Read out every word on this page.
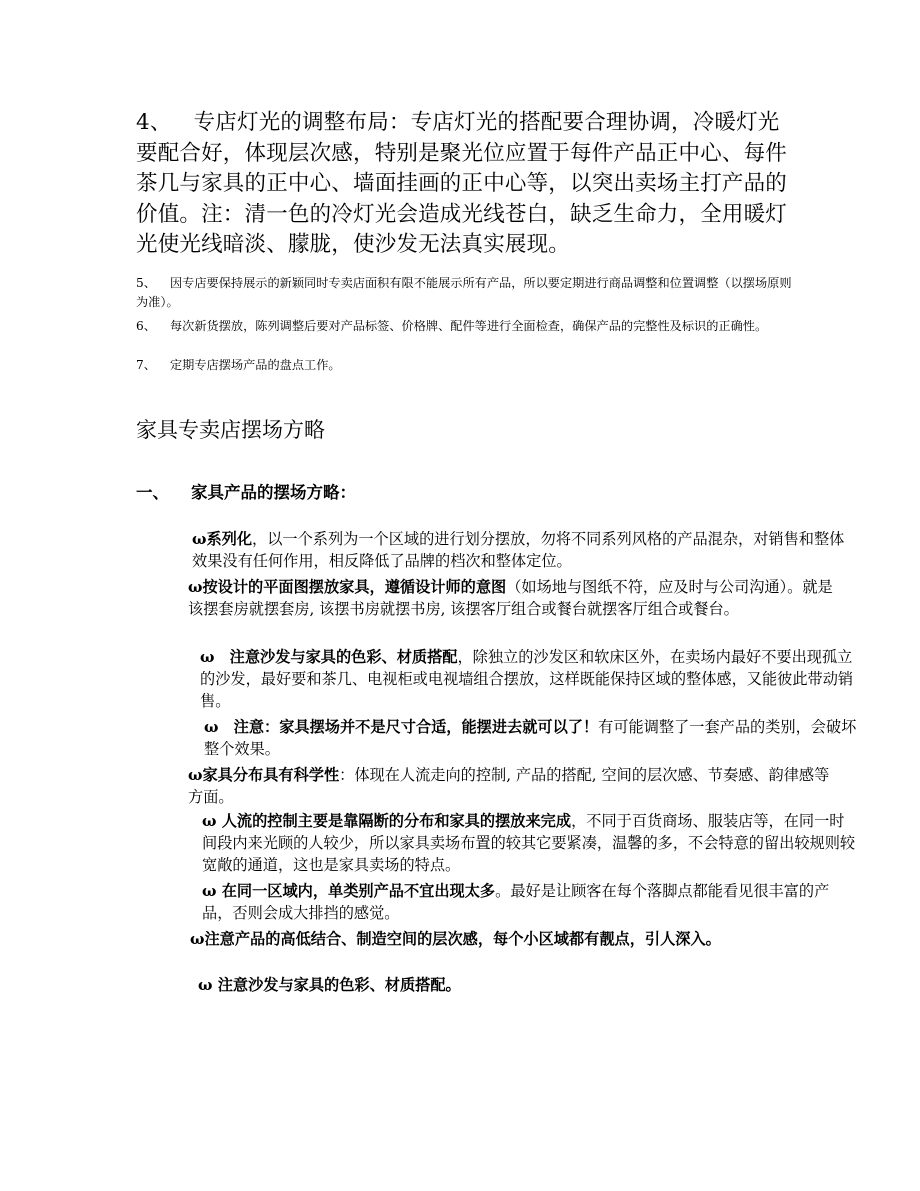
4、 专店灯光的调整布局：专店灯光的搭配要合理协调，冷暖灯光要配合好，体现层次感，特别是聚光位应置于每件产品正中心、每件茶几与家具的正中心、墙面挂画的正中心等，以突出卖场主打产品的价值。注：清一色的冷灯光会造成光线苍白，缺乏生命力，全用暖灯光使光线暗淡、朦胧，使沙发无法真实展现。
5、 因专店要保持展示的新颖同时专卖店面积有限不能展示所有产品，所以要定期进行商品调整和位置调整（以摆场原则为准）。
6、 每次新货摆放，陈列调整后要对产品标签、价格牌、配件等进行全面检查，确保产品的完整性及标识的正确性。
7、 定期专店摆场产品的盘点工作。
家具专卖店摆场方略
一、 家具产品的摆场方略：
ω系列化，以一个系列为一个区域的进行划分摆放，勿将不同系列风格的产品混杂，对销售和整体效果没有任何作用，相反降低了品牌的档次和整体定位。
ω按设计的平面图摆放家具，遵循设计师的意图（如场地与图纸不符，应及时与公司沟通）。就是该摆套房就摆套房, 该摆书房就摆书房, 该摆客厅组合或餐台就摆客厅组合或餐台。
ω　注意沙发与家具的色彩、材质搭配，除独立的沙发区和软床区外，在卖场内最好不要出现孤立的沙发，最好要和茶几、电视柜或电视墙组合摆放，这样既能保持区域的整体感，又能彼此带动销售。
ω　注意：家具摆场并不是尺寸合适，能摆进去就可以了！有可能调整了一套产品的类别，会破坏整个效果。
ω家具分布具有科学性：体现在人流走向的控制, 产品的搭配, 空间的层次感、节奏感、韵律感等方面。
ω 人流的控制主要是靠隔断的分布和家具的摆放来完成，不同于百货商场、服装店等，在同一时间段内来光顾的人较少，所以家具卖场布置的较其它要紧凑，温馨的多，不会特意的留出较规则较宽敞的通道，这也是家具卖场的特点。
ω 在同一区域内，单类别产品不宜出现太多。最好是让顾客在每个落脚点都能看见很丰富的产品，否则会成大排挡的感觉。
ω注意产品的高低结合、制造空间的层次感，每个小区域都有靓点，引人深入。
ω 注意沙发与家具的色彩、材质搭配。
